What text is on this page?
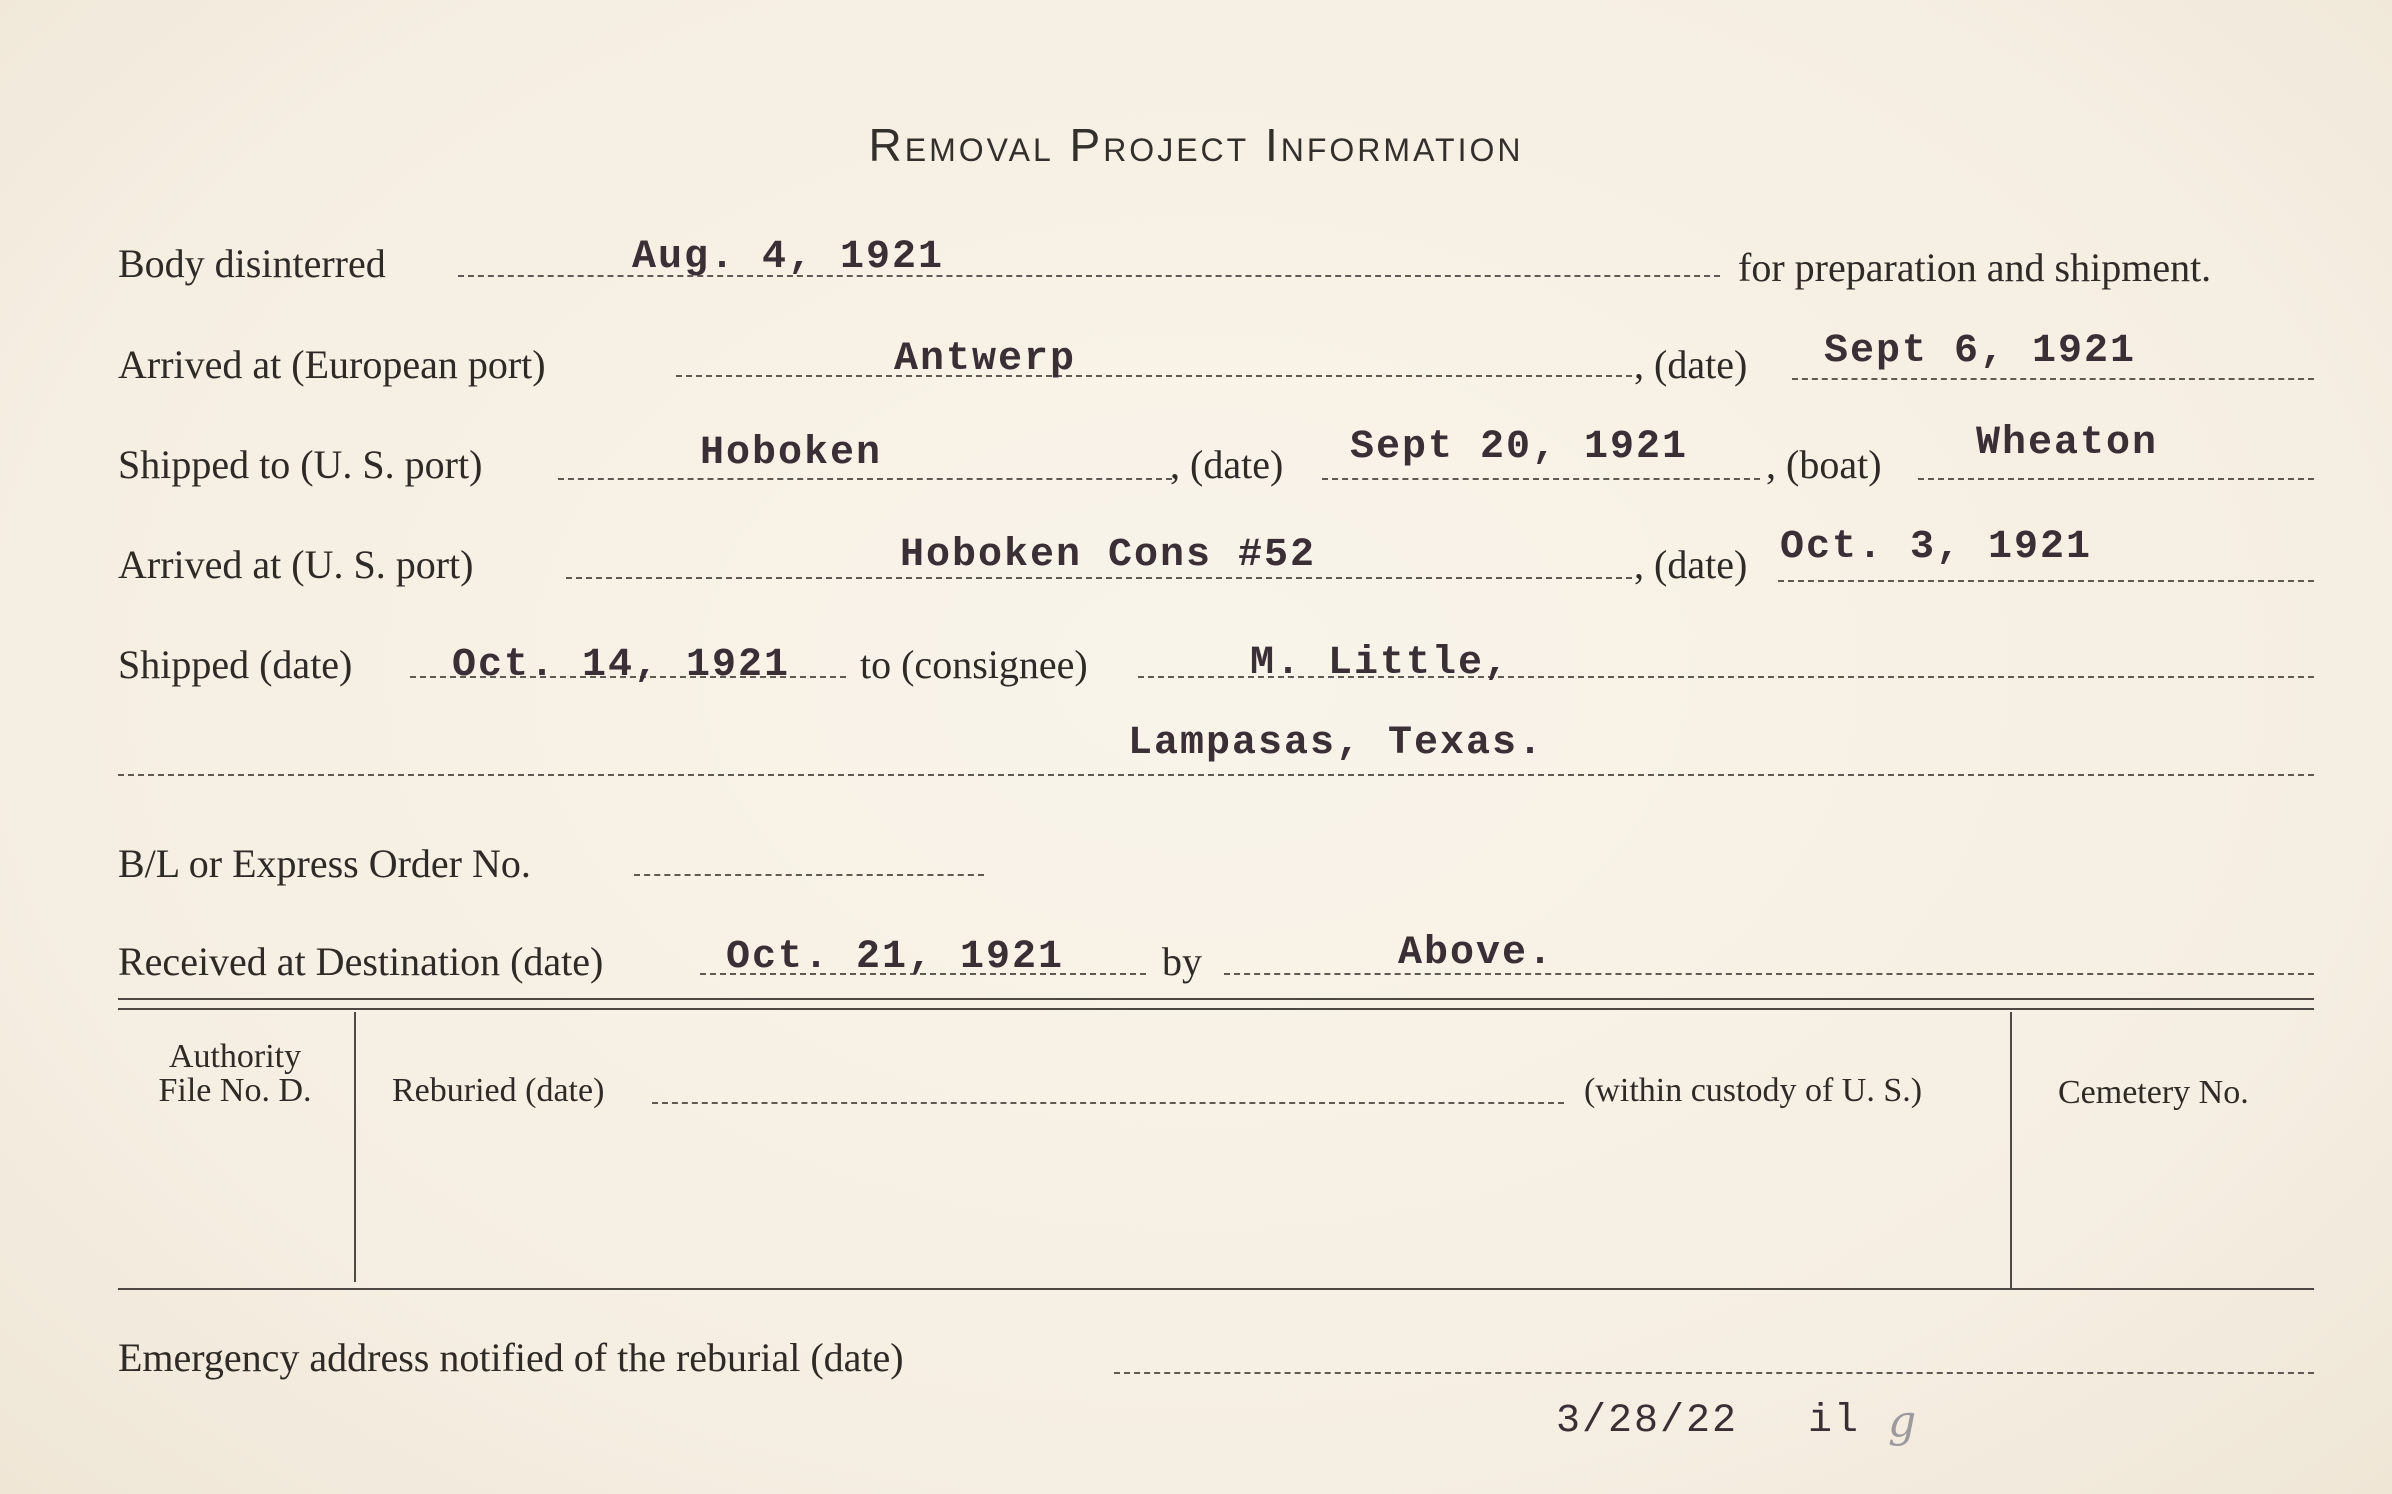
Removal Project Information
Body disinterred	Aug. 4, 1921	for preparation and shipment.
Arrived at (European port)	Antwerp	, (date) Sept 6, 1921
Shipped to (U. S. port)	Hoboken	, (date) Sept 20, 1921 , (boat) Wheaton
Arrived at (U. S. port)	Hoboken Cons #52	, (date) Oct. 3, 1921
Shipped (date) Oct. 14, 1921 to (consignee)	M. Little,
Lampasas, Texas.
B/L or Express Order No.
Received at Destination (date)	Oct. 21, 1921 by	Above.
Authority
File No. D.	Reburied (date)	(within custody of U. S.)	Cemetery No.
Emergency address notified of the reburial (date)
3/28/22 il g
